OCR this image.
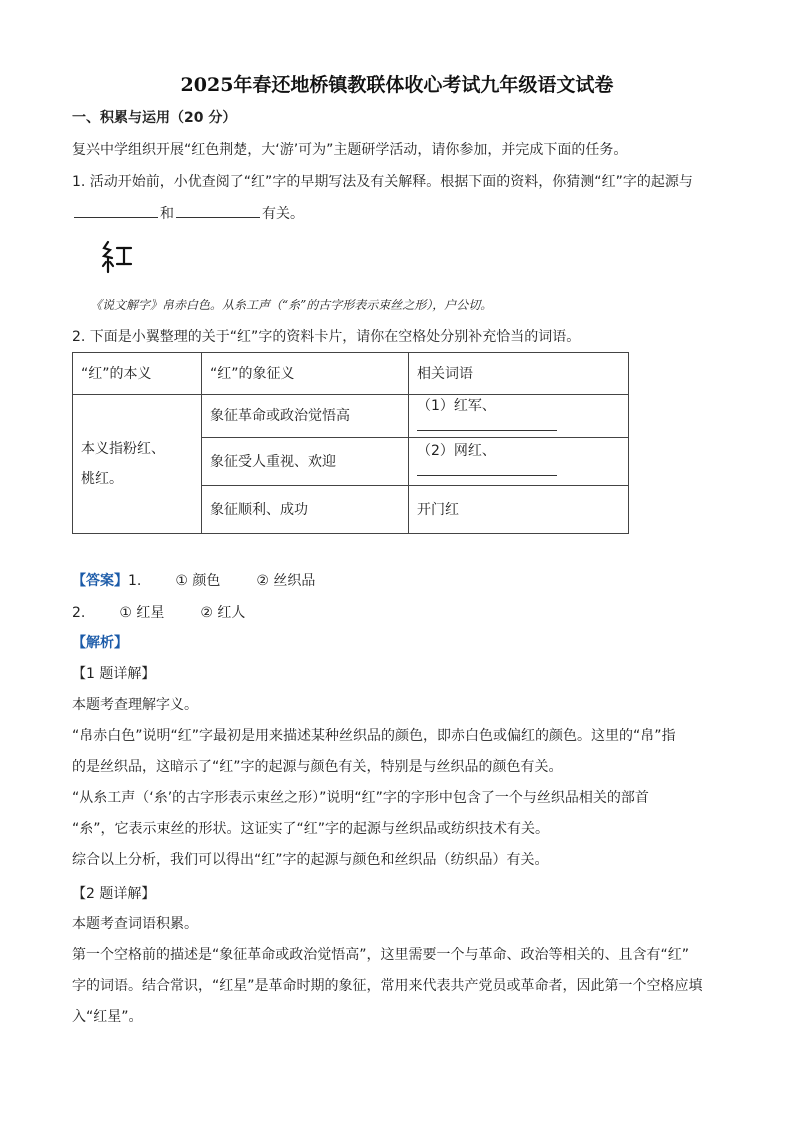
2025年春还地桥镇教联体收心考试九年级语文试卷
一、积累与运用（20 分）
复兴中学组织开展“红色荆楚，大‘游’可为”主题研学活动，请你参加，并完成下面的任务。
1. 活动开始前，小优查阅了“红”字的早期写法及有关解释。根据下面的资料，你猜测“红”字的起源与
和	有关。
《说文解字》帛赤白色。从糸工声（“糸”的古字形表示束丝之形），户公切。
2. 下面是小翼整理的关于“红”字的资料卡片，请你在空格处分别补充恰当的词语。
“红”的本义	“红”的象征义	相关词语

本义指粉红、
桃红。	象征革命或政治觉悟高	（1）红军、
	象征受人重视、欢迎	（2）网红、
	象征顺利、成功	开门红
【答案】1. ① 颜色	② 丝织品
2. ① 红星	② 红人
【解析】
【1 题详解】
本题考查理解字义。
“帛赤白色”说明“红”字最初是用来描述某种丝织品的颜色，即赤白色或偏红的颜色。这里的“帛”指
的是丝织品，这暗示了“红”字的起源与颜色有关，特别是与丝织品的颜色有关。
“从糸工声（‘糸’的古字形表示束丝之形）”说明“红”字的字形中包含了一个与丝织品相关的部首
“糸”，它表示束丝的形状。这证实了“红”字的起源与丝织品或纺织技术有关。
综合以上分析，我们可以得出“红”字的起源与颜色和丝织品（纺织品）有关。
【2 题详解】
本题考查词语积累。
第一个空格前的描述是“象征革命或政治觉悟高”，这里需要一个与革命、政治等相关的、且含有“红”
字的词语。结合常识，“红星”是革命时期的象征，常用来代表共产党员或革命者，因此第一个空格应填
入“红星”。
